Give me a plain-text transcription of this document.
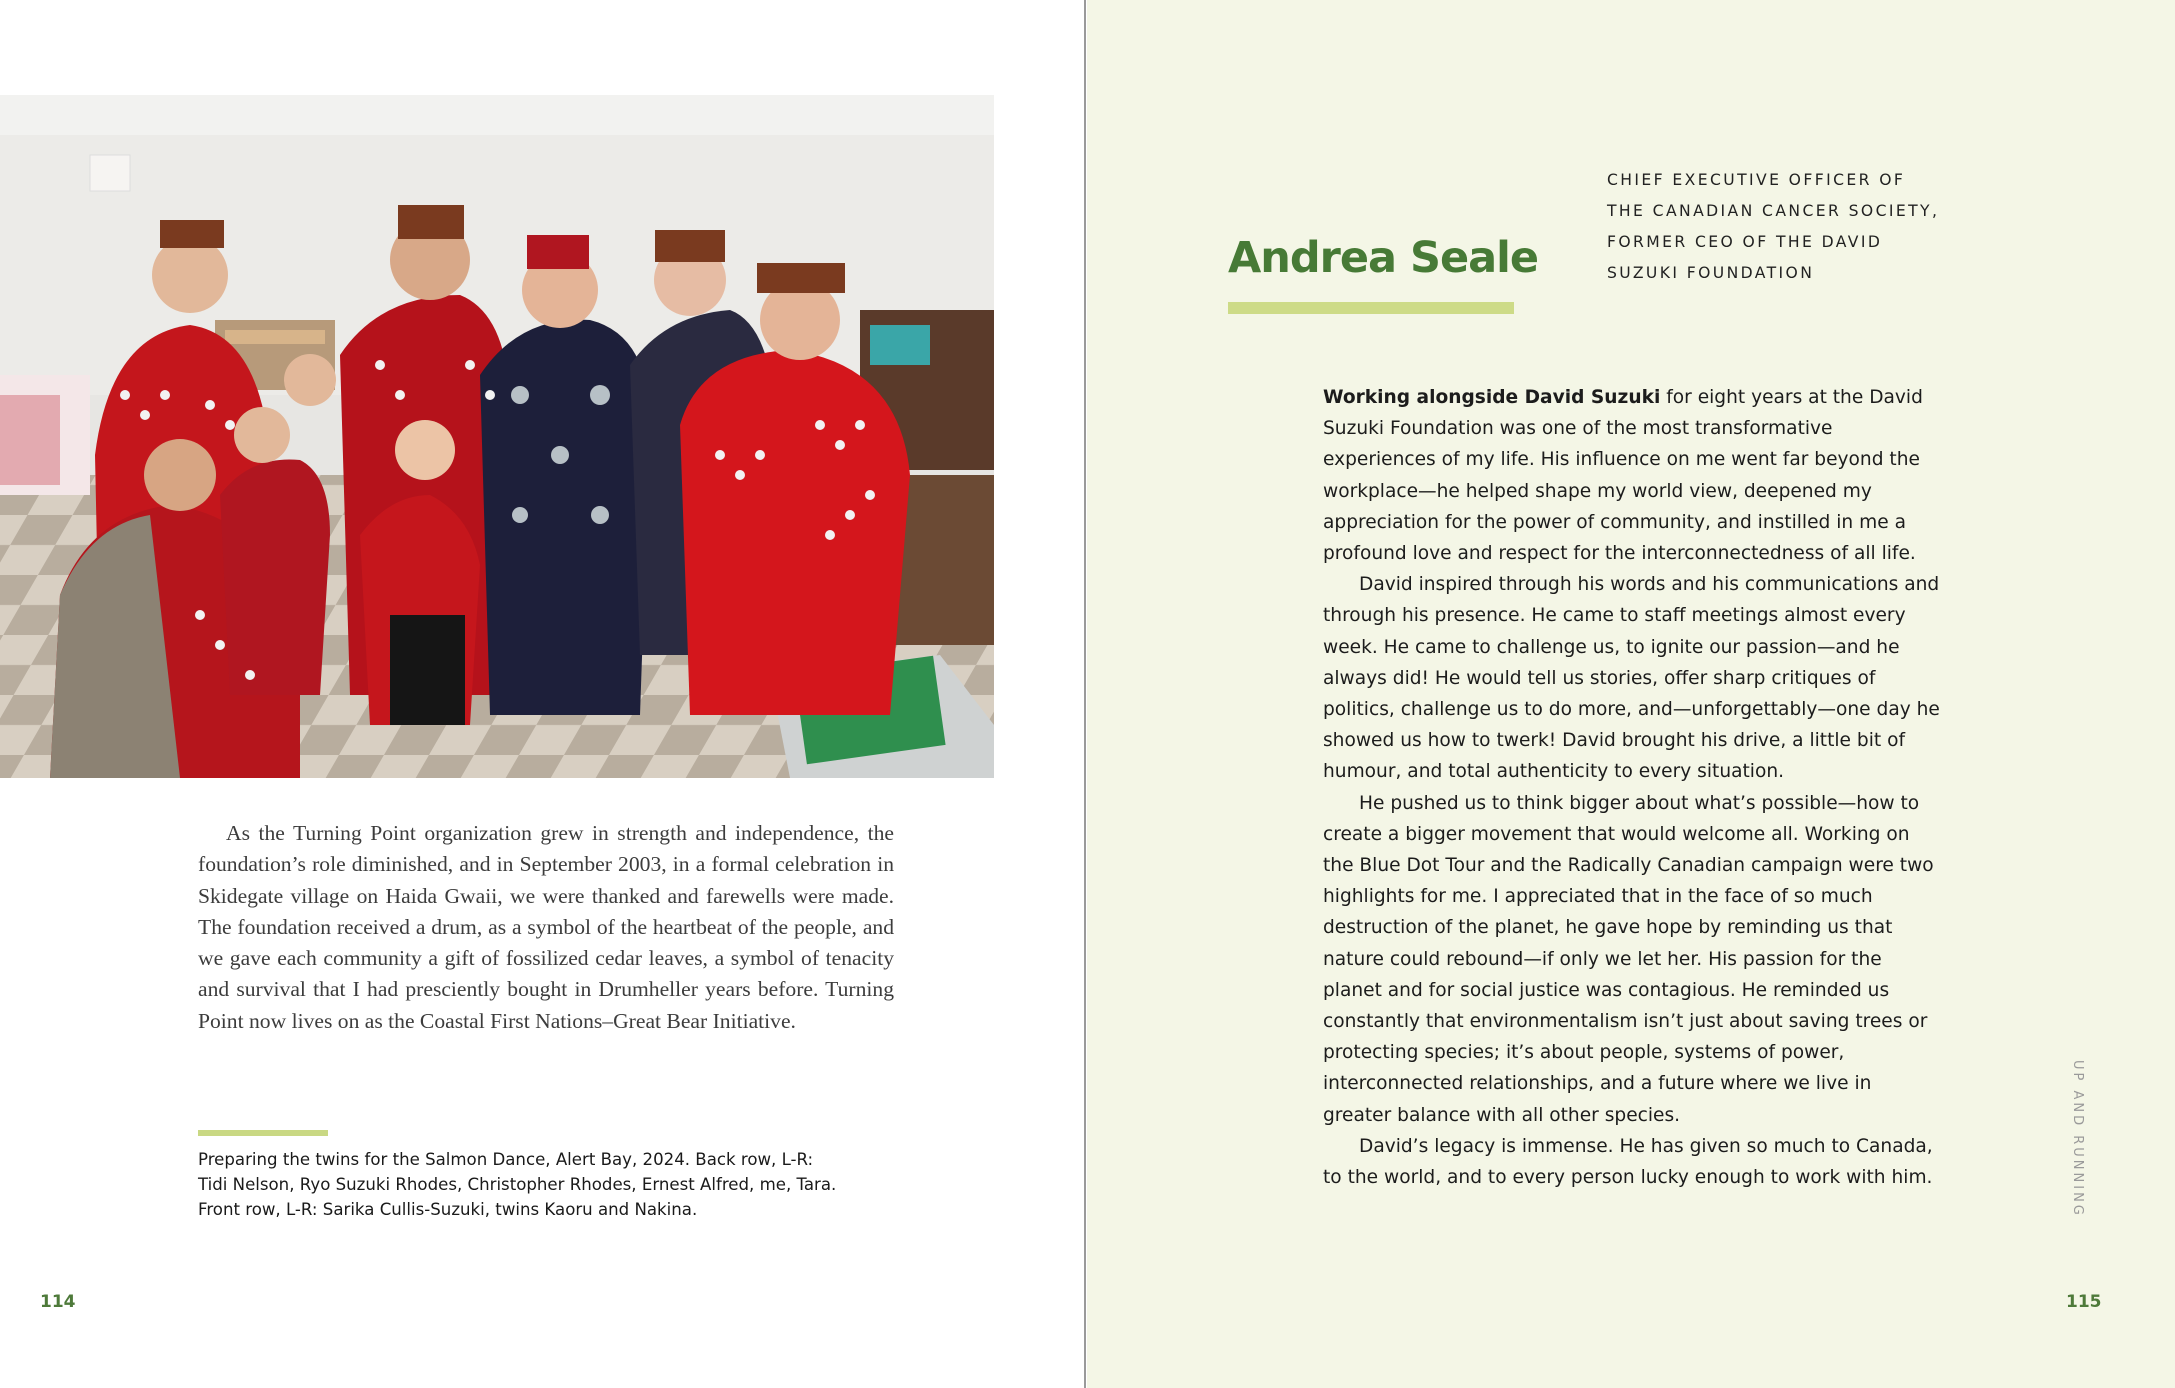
As the Turning Point organization grew in strength and independence, the foundation’s role diminished, and in September 2003, in a formal celebration in Skidegate village on Haida Gwaii, we were thanked and farewells were made. The foundation received a drum, as a symbol of the heartbeat of the people, and we gave each community a gift of fossilized cedar leaves, a symbol of tenacity and survival that I had presciently bought in Drumheller years before. Turning Point now lives on as the Coastal First Nations–Great Bear Initiative.

Preparing the twins for the Salmon Dance, Alert Bay, 2024. Back row, L-R: Tidi Nelson, Ryo Suzuki Rhodes, Christopher Rhodes, Ernest Alfred, me, Tara. Front row, L-R: Sarika Cullis-Suzuki, twins Kaoru and Nakina.

114
Andrea Seale

CHIEF EXECUTIVE OFFICER OF THE CANADIAN CANCER SOCIETY, FORMER CEO OF THE DAVID SUZUKI FOUNDATION

Working alongside David Suzuki for eight years at the David Suzuki Foundation was one of the most transformative experiences of my life. His influence on me went far beyond the workplace—he helped shape my world view, deepened my appreciation for the power of community, and instilled in me a profound love and respect for the interconnectedness of all life.

David inspired through his words and his communications and through his presence. He came to staff meetings almost every week. He came to challenge us, to ignite our passion—and he always did! He would tell us stories, offer sharp critiques of politics, challenge us to do more, and—unforgettably—one day he showed us how to twerk! David brought his drive, a little bit of humour, and total authenticity to every situation.

He pushed us to think bigger about what’s possible—how to create a bigger movement that would welcome all. Working on the Blue Dot Tour and the Radically Canadian campaign were two highlights for me. I appreciated that in the face of so much destruction of the planet, he gave hope by reminding us that nature could rebound—if only we let her. His passion for the planet and for social justice was contagious. He reminded us constantly that environmentalism isn’t just about saving trees or protecting species; it’s about people, systems of power, interconnected relationships, and a future where we live in greater balance with all other species.

David’s legacy is immense. He has given so much to Canada, to the world, and to every person lucky enough to work with him.	UP AND RUNNING
115
